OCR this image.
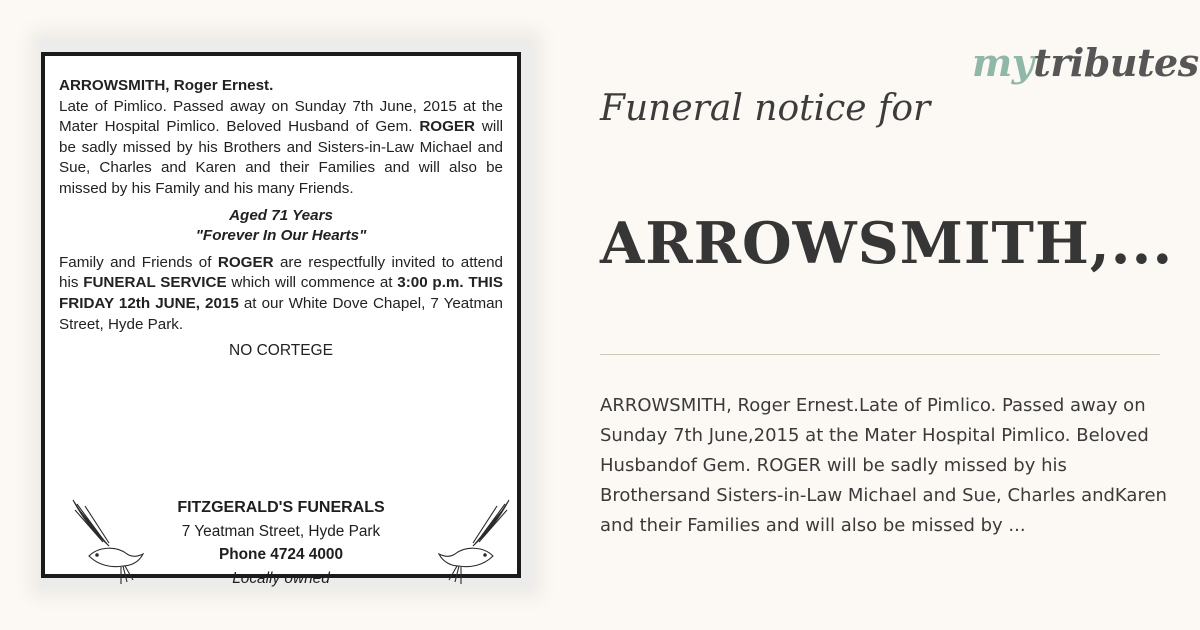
ARROWSMITH, Roger Ernest.
Late of Pimlico. Passed away on Sunday 7th June, 2015 at the Mater Hospital Pimlico. Beloved Husband of Gem. ROGER will be sadly missed by his Brothers and Sisters-in-Law Michael and Sue, Charles and Karen and their Families and will also be missed by his Family and his many Friends.
Aged 71 Years
"Forever In Our Hearts"
Family and Friends of ROGER are respectfully invited to attend his FUNERAL SERVICE which will commence at 3:00 p.m. THIS FRIDAY 12th JUNE, 2015 at our White Dove Chapel, 7 Yeatman Street, Hyde Park.
NO CORTEGE
FITZGERALD'S FUNERALS
7 Yeatman Street, Hyde Park
Phone 4724 4000
Locally owned
mytributes
Funeral notice for
ARROWSMITH,...
ARROWSMITH, Roger Ernest.Late of Pimlico. Passed away on Sunday 7th June,2015 at the Mater Hospital Pimlico. Beloved Husbandof Gem. ROGER will be sadly missed by his Brothersand Sisters-in-Law Michael and Sue, Charles andKaren and their Families and will also be missed by ...
